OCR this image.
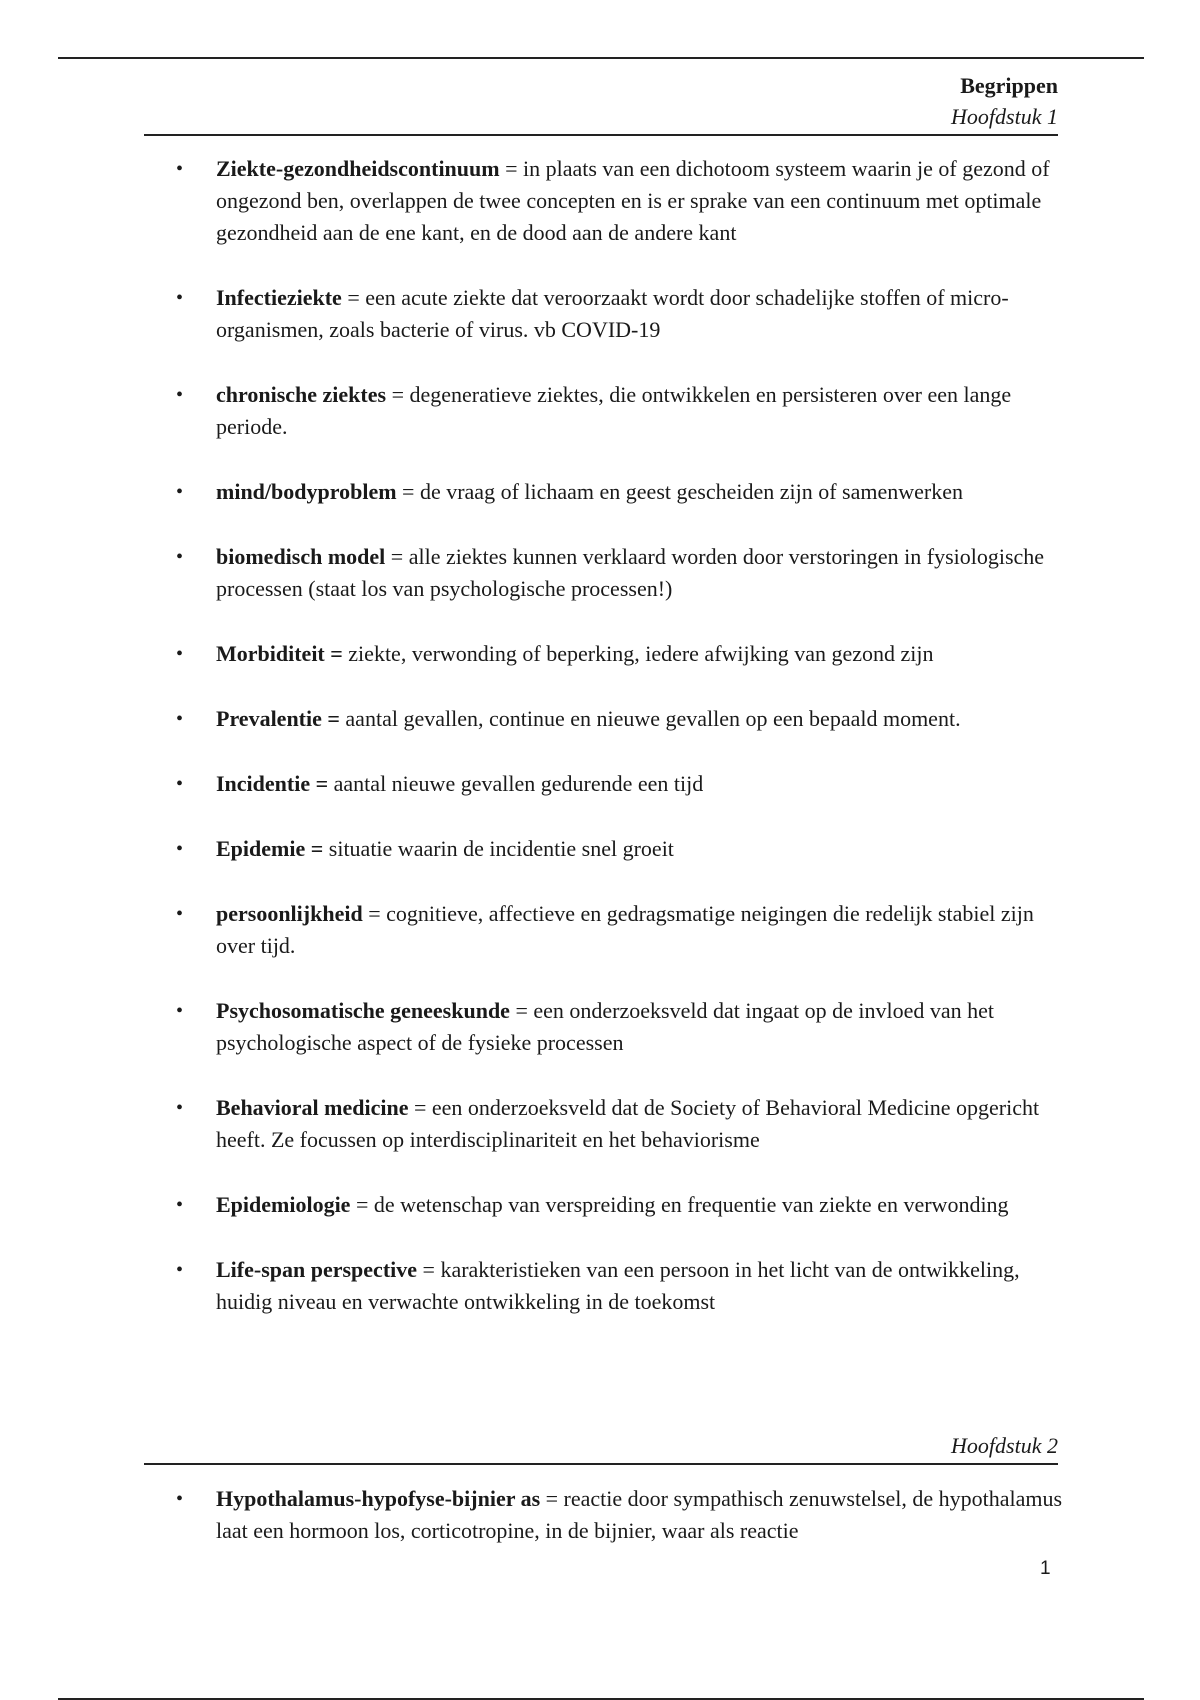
Begrippen
Hoofdstuk 1
• Ziekte-gezondheidscontinuum = in plaats van een dichotoom systeem waarin je of gezond of ongezond ben, overlappen de twee concepten en is er sprake van een continuum met optimale gezondheid aan de ene kant, en de dood aan de andere kant
• Infectieziekte = een acute ziekte dat veroorzaakt wordt door schadelijke stoffen of micro-organismen, zoals bacterie of virus. vb COVID-19
• chronische ziektes = degeneratieve ziektes, die ontwikkelen en persisteren over een lange periode.
• mind/bodyproblem = de vraag of lichaam en geest gescheiden zijn of samenwerken
• biomedisch model = alle ziektes kunnen verklaard worden door verstoringen in fysiologische processen (staat los van psychologische processen!)
• Morbiditeit = ziekte, verwonding of beperking, iedere afwijking van gezond zijn
• Prevalentie = aantal gevallen, continue en nieuwe gevallen op een bepaald moment.
• Incidentie = aantal nieuwe gevallen gedurende een tijd
• Epidemie = situatie waarin de incidentie snel groeit
• persoonlijkheid = cognitieve, affectieve en gedragsmatige neigingen die redelijk stabiel zijn over tijd.
• Psychosomatische geneeskunde = een onderzoeksveld dat ingaat op de invloed van het psychologische aspect of de fysieke processen
• Behavioral medicine = een onderzoeksveld dat de Society of Behavioral Medicine opgericht heeft. Ze focussen op interdisciplinariteit en het behaviorisme
• Epidemiologie = de wetenschap van verspreiding en frequentie van ziekte en verwonding
• Life-span perspective = karakteristieken van een persoon in het licht van de ontwikkeling, huidig niveau en verwachte ontwikkeling in de toekomst
Hoofdstuk 2
• Hypothalamus-hypofyse-bijnier as = reactie door sympathisch zenuwstelsel, de hypothalamus laat een hormoon los, corticotropine, in de bijnier, waar als reactie
1
